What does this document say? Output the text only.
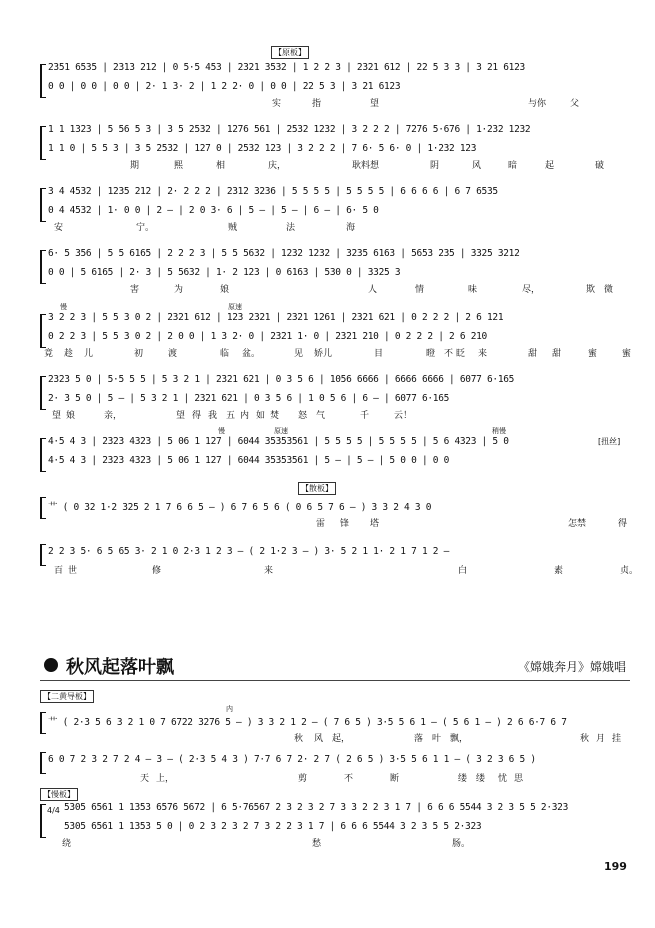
【原板】
2351 6535 | 2313 212 | 0 5·5 453 | 2321 3532 | 1 2 2 3 | 2321 612 | 22 5 3 3 | 3 21 6123
0 0 | 0 0 | 0 0 | 2· 1 3· 2 | 1 2 2· 0 | 0 0 | 22 5 3 | 3 21 6123
实	指	望	与你	父
1 1 1323 | 5 56 5 3 | 3 5 2532 | 1276 561 | 2532 1232 | 3 2 2 2 | 7276 5·676 | 1·232 1232
1 1 0 | 5 5 3 | 3 5 2532 | 127 0 | 2532 123 | 3 2 2 2 | 7 6· 5 6· 0 | 1·232 123
期	熙	相	庆，	耿料想	阴	风	暗	起	破
3 4 4532 | 1235 212 | 2· 2 2 2 | 2312 3236 | 5 5 5 5 | 5 5 5 5 | 6 6 6 6 | 6 7 6535
0 4 4532 | 1· 0 0 | 2 — | 2 0 3· 6 | 5 — | 5 — | 6 — | 6· 5 0
安	宁。	贼	法	海
6· 5 356 | 5 5 6165 | 2 2 2 3 | 5 5 5632 | 1232 1232 | 3235 6163 | 5653 235 | 3325 3212
0 0 | 5 6165 | 2· 3 | 5 5632 | 1· 2 123 | 0 6163 | 530 0 | 3325 3
害	为	娘	人	情	味	尽，	欺 微
慢	原速
3 2 2 3 | 5 5 3 0 2 | 2321 612 | 123 2321 | 2321 1261 | 2321 621 | 0 2 2 2 | 2 6 121
0 2 2 3 | 5 5 3 0 2 | 2 0 0 | 1 3 2· 0 | 2321 1· 0 | 2321 210 | 0 2 2 2 | 2 6 210
竟 趁 儿	初	渡	临 盆。	见 娇儿	目	瞪 不 眨 来	甜 甜	蜜	蜜
2323 5 0 | 5·5 5 5 | 5 3 2 1 | 2321 621 | 0 3 5 6 | 1056 6666 | 6666 6666 | 6077 6·165
2· 3 5 0 | 5 — | 5 3 2 1 | 2321 621 | 0 3 5 6 | 1 0 5 6 | 6 — | 6077 6·165
望 娘	亲，	望 得 我 五 内 如 焚 怒 气	千	云！
慢	原速	稍慢
4·5 4 3 | 2323 4323 | 5 06 1 127 | 6044 35353561 | 5 5 5 5 | 5 5 5 5 | 5 6 4323 | 5 0
4·5 4 3 | 2323 4323 | 5 06 1 127 | 6044 35353561 | 5 — | 5 — | 5 0 0 | 0 0
[扭丝]
【散板】
艹 ( 0 32 1·2 325 2 1 7 6 6 5 — ) 6 7 6 5 6 ( 0 6 5 7 6 — ) 3 3 2 4 3 0
雷 锋 塔	怎禁	得
2 2 3 5· 6 5 65 3· 2 1 0 2·3 1 2 3 — ( 2 1·2 3 — ) 3· 5 2 1 1· 2 1 7 1 2 —
百 世	修	来	白	素	贞。
秋风起落叶飘	《嫦娥奔月》嫦娥唱
【二黄导板】
内
艹 ( 2·3 5 6 3 2 1 0 7 6722 3276 5 — ) 3 3 2 1 2 — ( 7 6 5 ) 3·5 5 6 1 — ( 5 6 1 — ) 2 6 6·7 6 7
秋 风 起，	落 叶 飘，	秋 月 挂
6 0 7 2 3 2 7 2 4 — 3 — ( 2·3 5 4 3 ) 7·7 6 7 2· 2 7 ( 2 6 5 ) 3·5 5 6 1 1 — ( 3 2 3 6 5 )
天 上，	剪	不	断	缕 缕 忧 思
【慢板】
4/4 5305 6561 1 1353 6576 5672 | 6 5·76567 2 3 2 3 2 7 3 3 2 2 3 1 7 | 6 6 6 5544 3 2 3 5 5 2·323
5305 6561 1 1353 5 0 | 0 2 3 2 3 2 7 3 2 2 3 1 7 | 6 6 6 5544 3 2 3 5 5 2·323
绕	愁	肠。
199
